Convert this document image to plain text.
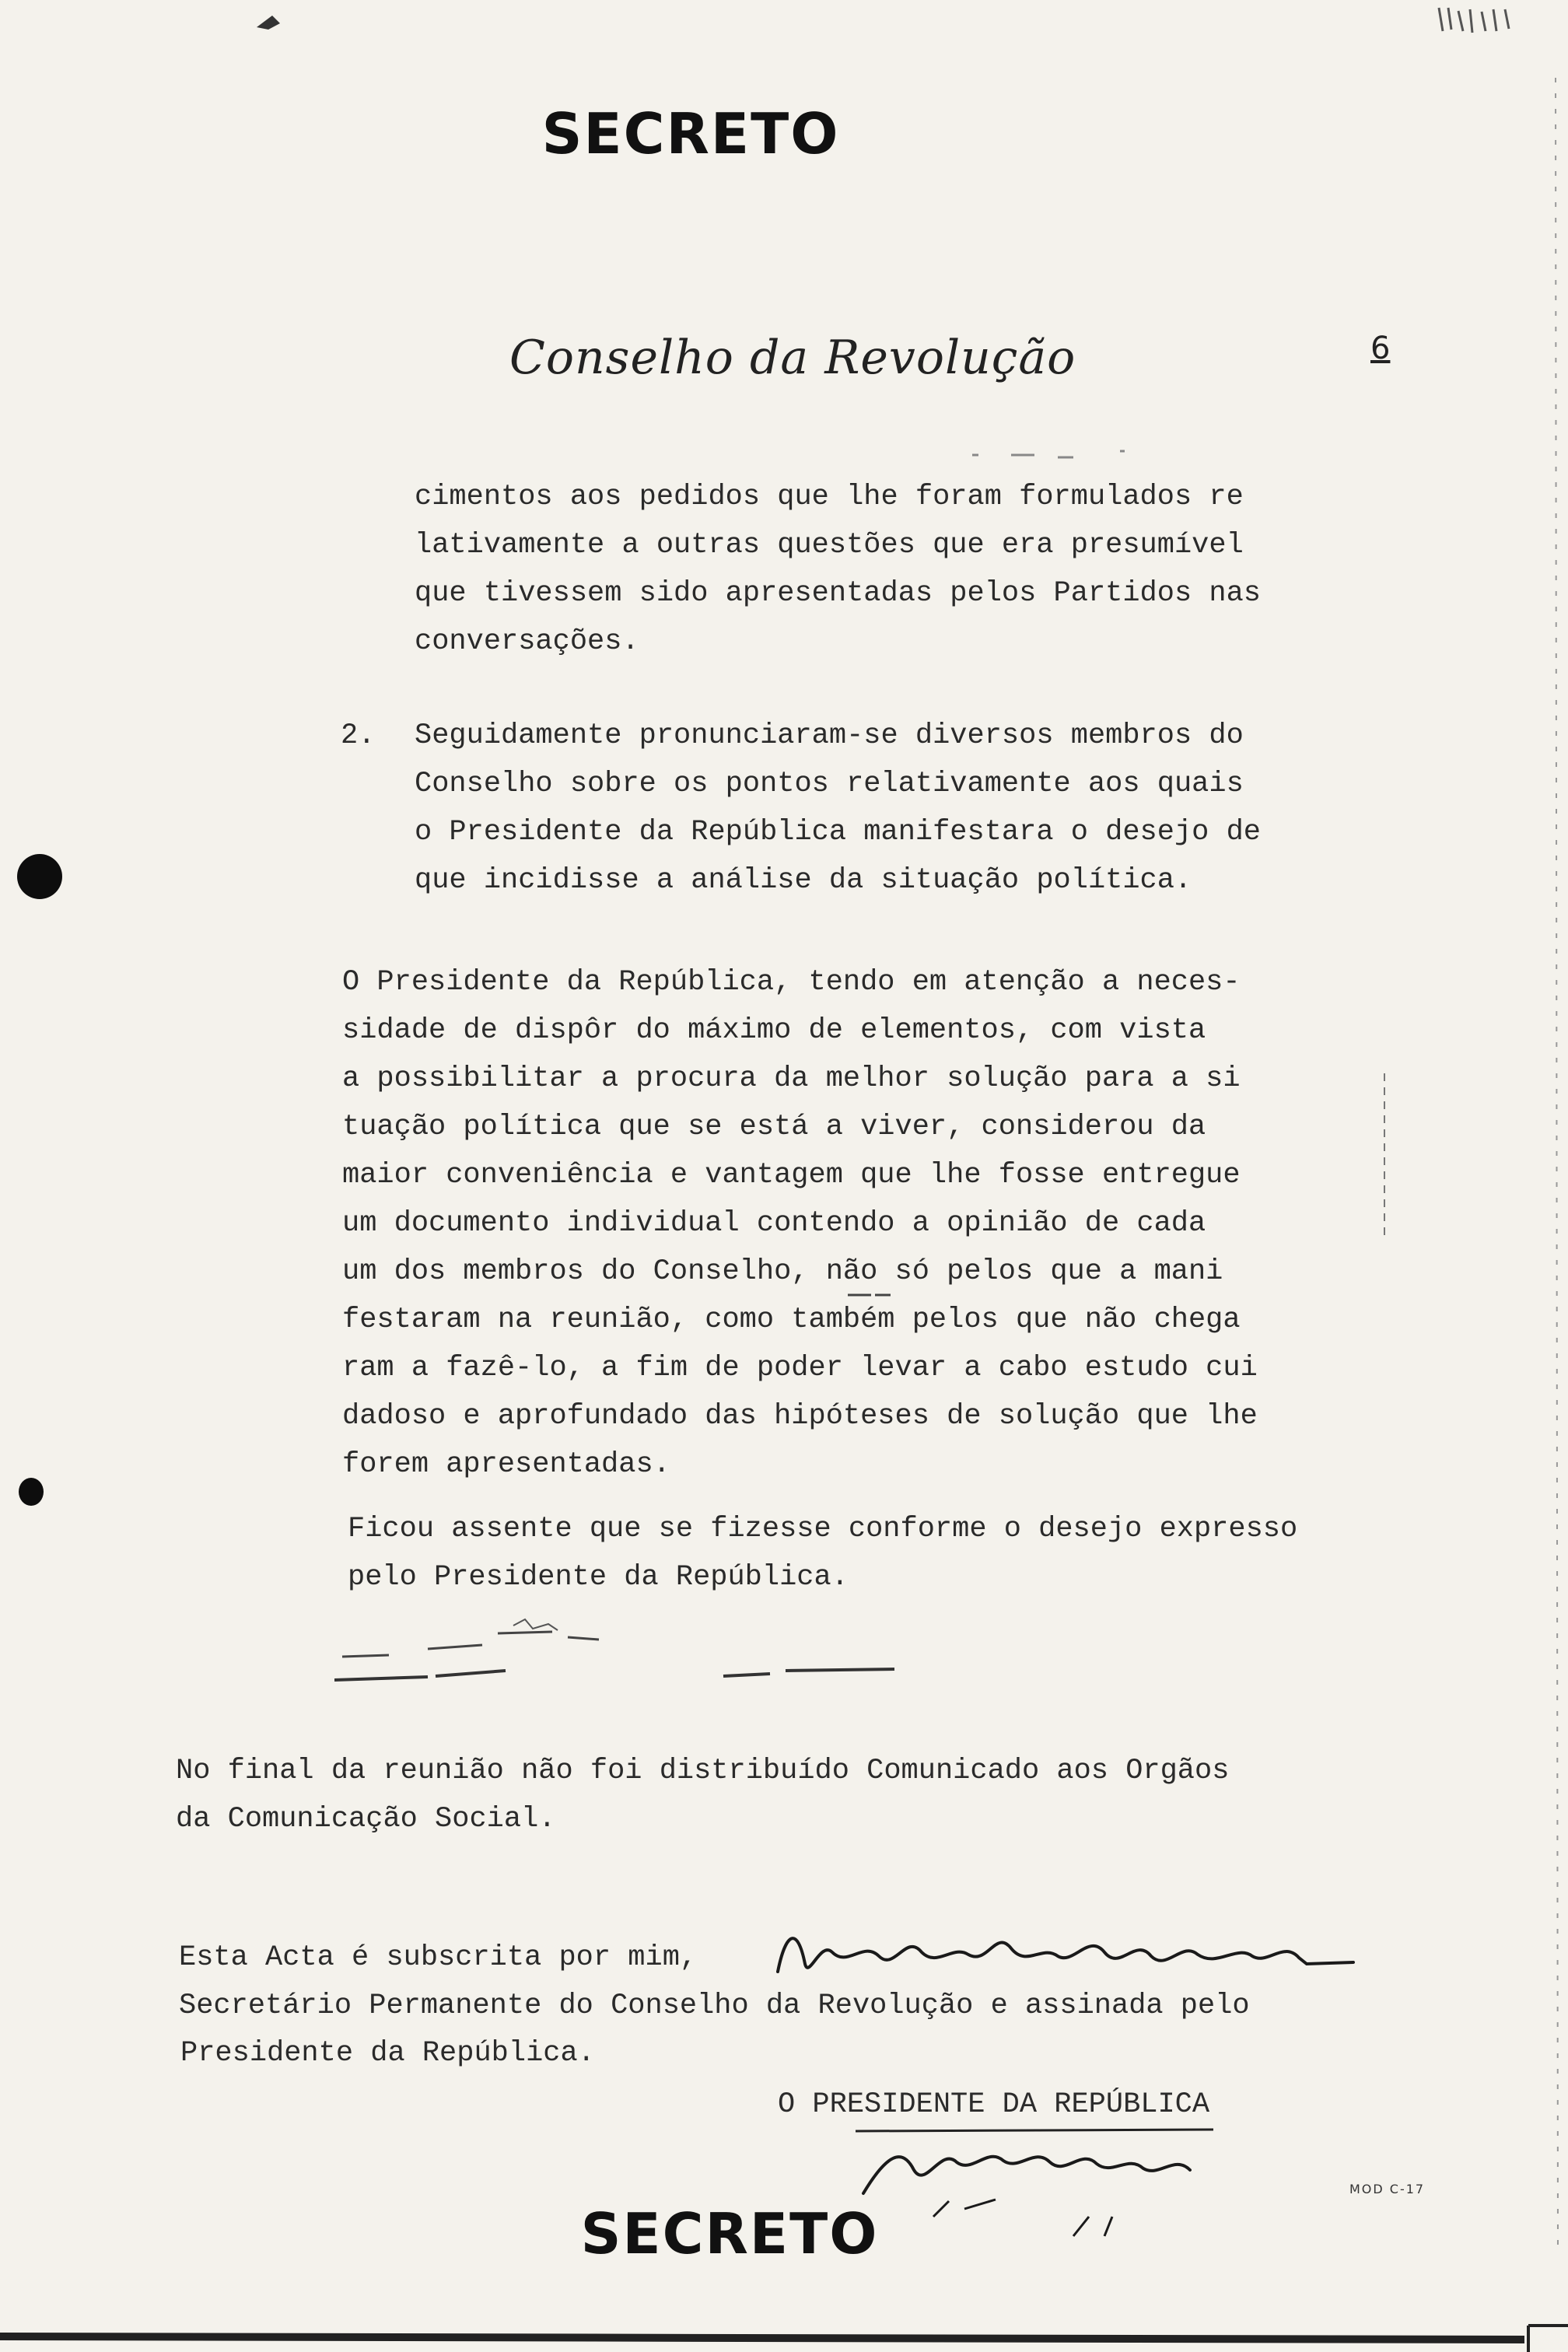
SECRETO
Conselho da Revolução	6
cimentos aos pedidos que lhe foram formulados re
lativamente a outras questões que era presumível
que tivessem sido apresentadas pelos Partidos nas
conversações.
2. Seguidamente pronunciaram-se diversos membros do
Conselho sobre os pontos relativamente aos quais
o Presidente da República manifestara o desejo de
que incidisse a análise da situação política.
O Presidente da República, tendo em atenção a neces-
sidade de dispôr do máximo de elementos, com vista
a possibilitar a procura da melhor solução para a si
tuação política que se está a viver, considerou da
maior conveniência e vantagem que lhe fosse entregue
um documento individual contendo a opinião de cada
um dos membros do Conselho, não só pelos que a mani
festaram na reunião, como também pelos que não chega
ram a fazê-lo, a fim de poder levar a cabo estudo cui
dadoso e aprofundado das hipóteses de solução que lhe
forem apresentadas.
Ficou assente que se fizesse conforme o desejo expresso
pelo Presidente da República.
No final da reunião não foi distribuído Comunicado aos Orgãos
da Comunicação Social.
Esta Acta é subscrita por mim,
Secretário Permanente do Conselho da Revolução e assinada pelo
Presidente da República.
O PRESIDENTE DA REPÚBLICA
MOD C-17
SECRETO
